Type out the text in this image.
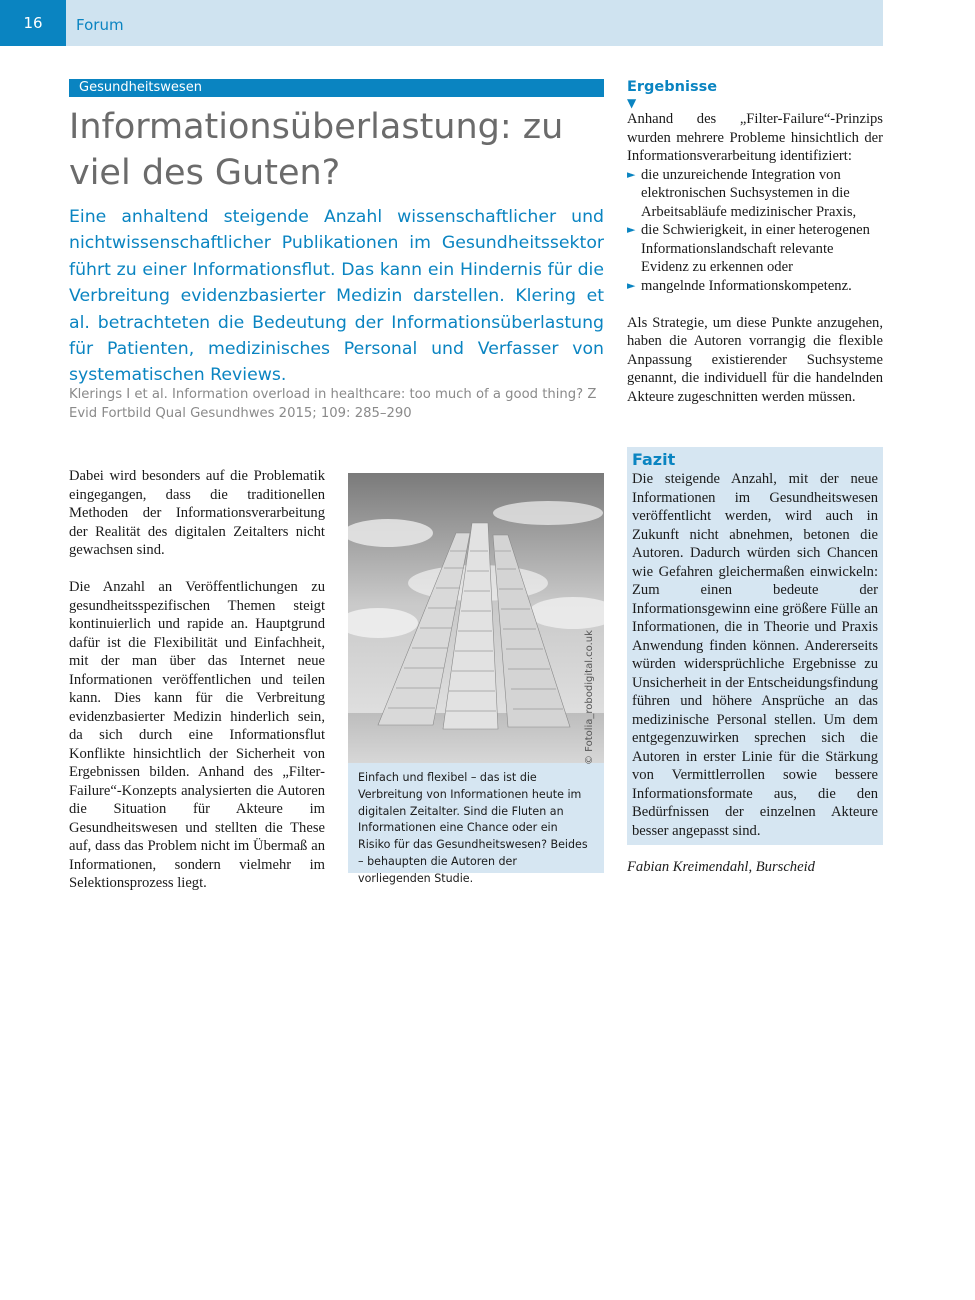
16	Forum
Gesundheitswesen
Informationsüberlastung: zu viel des Guten?

Eine anhaltend steigende Anzahl wissenschaftlicher und nichtwissenschaftlicher Publikationen im Gesundheitssektor führt zu einer Informationsflut. Das kann ein Hindernis für die Verbreitung evidenzbasierter Medizin darstellen. Klering et al. betrachteten die Bedeutung der Informationsüberlastung für Patienten, medizinisches Personal und Verfasser von systematischen Reviews.

Klerings I et al. Information overload in healthcare: too much of a good thing? Z Evid Fortbild Qual Gesundhwes 2015; 109: 285–290

Dabei wird besonders auf die Problematik eingegangen, dass die traditionellen Methoden der Informationsverarbeitung der Realität des digitalen Zeitalters nicht gewachsen sind.

Die Anzahl an Veröffentlichungen zu gesundheitsspezifischen Themen steigt kontinuierlich und rapide an. Hauptgrund dafür ist die Flexibilität und Einfachheit, mit der man über das Internet neue Informationen veröffentlichen und teilen kann. Dies kann für die Verbreitung evidenzbasierter Medizin hinderlich sein, da sich durch eine Informationsflut Konflikte hinsichtlich der Sicherheit von Ergebnissen bilden. Anhand des „Filter-Failure“-Konzepts analysierten die Autoren die Situation für Akteure im Gesundheitswesen und stellten die These auf, dass das Problem nicht im Übermaß an Informationen, sondern vielmehr im Selektionsprozess liegt.

Einfach und flexibel – das ist die Verbreitung von Informationen heute im digitalen Zeitalter. Sind die Fluten an Informationen eine Chance oder ein Risiko für das Gesundheitswesen? Beides – behaupten die Autoren der vorliegenden Studie.

© Fotolia_robodigital.co.uk

Ergebnisse

▼

Anhand des „Filter-Failure“-Prinzips wurden mehrere Probleme hinsichtlich der Informationsverarbeitung identifiziert:

► die unzureichende Integration von elektronischen Suchsystemen in die Arbeitsabläufe medizinischer Praxis,
► die Schwierigkeit, in einer heterogenen Informationslandschaft relevante Evidenz zu erkennen oder
► mangelnde Informationskompetenz.

Als Strategie, um diese Punkte anzugehen, haben die Autoren vorrangig die flexible Anpassung existierender Suchsysteme genannt, die individuell für die handelnden Akteure zugeschnitten werden müssen.

Fazit

Die steigende Anzahl, mit der neue Informationen im Gesundheitswesen veröffentlicht werden, wird auch in Zukunft nicht abnehmen, betonen die Autoren. Dadurch würden sich Chancen wie Gefahren gleichermaßen einwickeln: Zum einen bedeute der Informationsgewinn eine größere Fülle an Informationen, die in Theorie und Praxis Anwendung finden können. Andererseits würden widersprüchliche Ergebnisse zu Unsicherheit in der Entscheidungsfindung führen und höhere Ansprüche an das medizinische Personal stellen. Um dem entgegenzuwirken sprechen sich die Autoren in erster Linie für die Stärkung von Vermittlerrollen sowie bessere Informationsformate aus, die den Bedürfnissen der einzelnen Akteure besser angepasst sind.

Fabian Kreimendahl, Burscheid
